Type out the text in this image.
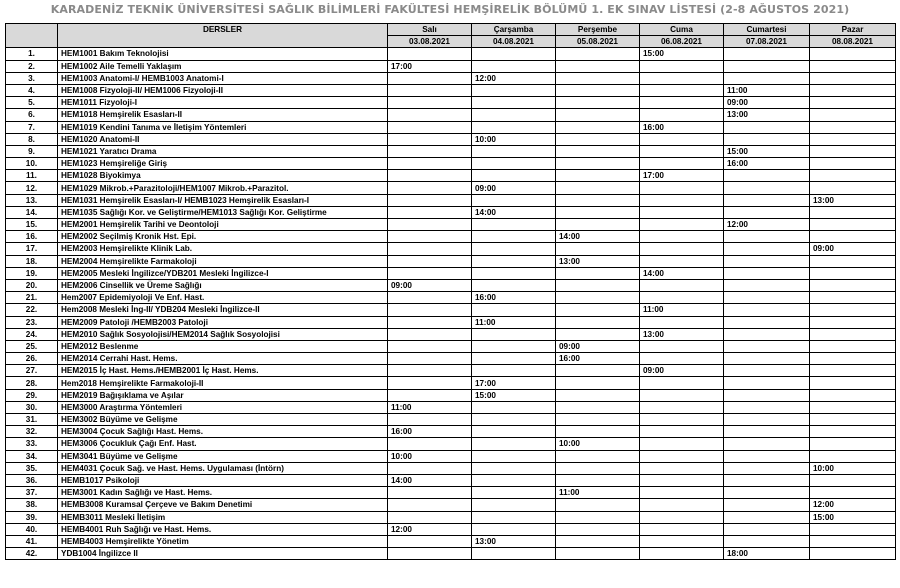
KARADENİZ TEKNİK ÜNİVERSİTESİ SAĞLIK BİLİMLERİ FAKÜLTESİ HEMŞİRELİK BÖLÜMÜ 1. EK SINAV LİSTESİ (2-8 AĞUSTOS 2021)
	DERSLER	Salı	Çarşamba	Perşembe	Cuma	Cumartesi	Pazar
		03.08.2021	04.08.2021	05.08.2021	06.08.2021	07.08.2021	08.08.2021
1.	HEM1001 Bakım Teknolojisi				15:00		
2.	HEM1002 Aile Temelli Yaklaşım	17:00					
3.	HEM1003 Anatomi-I/ HEMB1003 Anatomi-I		12:00				
4.	HEM1008 Fizyoloji-II/ HEM1006 Fizyoloji-II					11:00	
5.	HEM1011 Fizyoloji-I					09:00	
6.	HEM1018 Hemşirelik Esasları-II					13:00	
7.	HEM1019 Kendini Tanıma ve İletişim Yöntemleri				16:00		
8.	HEM1020 Anatomi-II		10:00				
9.	HEM1021 Yaratıcı Drama					15:00	
10.	HEM1023 Hemşireliğe Giriş					16:00	
11.	HEM1028 Biyokimya				17:00		
12.	HEM1029 Mikrob.+Parazitoloji/HEM1007 Mikrob.+Parazitol.		09:00				
13.	HEM1031 Hemşirelik Esasları-I/ HEMB1023 Hemşirelik Esasları-I						13:00
14.	HEM1035 Sağlığı Kor. ve Geliştirme/HEM1013 Sağlığı Kor. Geliştirme		14:00				
15.	HEM2001 Hemşirelik Tarihi ve Deontoloji					12:00	
16.	HEM2002 Seçilmiş Kronik Hst. Epi.			14:00			
17.	HEM2003 Hemşirelikte Klinik Lab.						09:00
18.	HEM2004 Hemşirelikte Farmakoloji			13:00			
19.	HEM2005 Mesleki İngilizce/YDB201 Mesleki İngilizce-I				14:00		
20.	HEM2006 Cinsellik ve Üreme Sağlığı	09:00					
21.	Hem2007 Epidemiyoloji Ve Enf. Hast.		16:00				
22.	Hem2008 Mesleki İng-II/ YDB204 Mesleki İngilizce-II				11:00		
23.	HEM2009 Patoloji /HEMB2003 Patoloji		11:00				
24.	HEM2010 Sağlık Sosyolojisi/HEM2014 Sağlık Sosyolojisi				13:00		
25.	HEM2012 Beslenme			09:00			
26.	HEM2014 Cerrahi Hast. Hems.			16:00			
27.	HEM2015 İç Hast. Hems./HEMB2001 İç Hast. Hems.				09:00		
28.	Hem2018 Hemşirelikte Farmakoloji-II		17:00				
29.	HEM2019 Bağışıklama ve Aşılar		15:00				
30.	HEM3000 Araştırma Yöntemleri	11:00					
31.	HEM3002 Büyüme ve Gelişme						
32.	HEM3004 Çocuk Sağlığı Hast. Hems.	16:00					
33.	HEM3006 Çocukluk Çağı Enf. Hast.			10:00			
34.	HEM3041 Büyüme ve Gelişme	10:00					
35.	HEM4031 Çocuk Sağ. ve Hast. Hems. Uygulaması (İntörn)						10:00
36.	HEMB1017 Psikoloji	14:00					
37.	HEM3001 Kadın Sağlığı ve Hast. Hems.			11:00			
38.	HEMB3008 Kuramsal Çerçeve ve Bakım Denetimi						12:00
39.	HEMB3011 Mesleki İletişim						15:00
40.	HEMB4001 Ruh Sağlığı ve Hast. Hems.	12:00					
41.	HEMB4003 Hemşirelikte Yönetim		13:00				
42.	YDB1004 İngilizce II					18:00	
